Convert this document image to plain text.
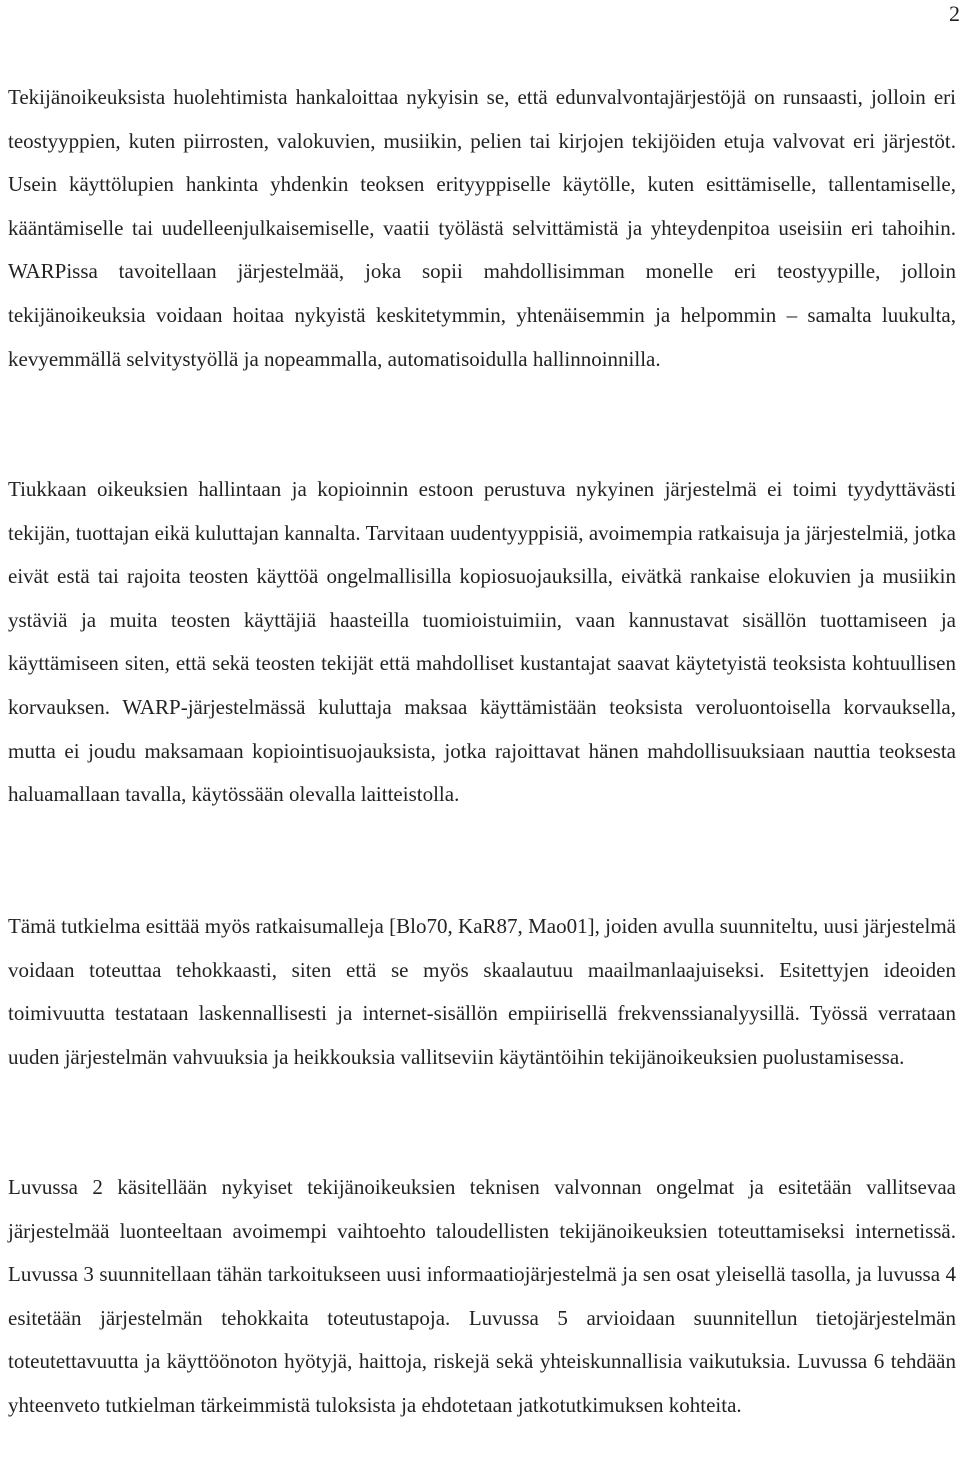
2

Tekijänoikeuksista huolehtimista hankaloittaa nykyisin se, että edunvalvontajärjestöjä on runsaasti, jolloin eri teostyyppien, kuten piirrosten, valokuvien, musiikin, pelien tai kirjojen tekijöiden etuja valvovat eri järjestöt. Usein käyttölupien hankinta yhdenkin teoksen erityyppiselle käytölle, kuten esittämiselle, tallentamiselle, kääntämiselle tai uudelleenjulkaisemiselle, vaatii työlästä selvittämistä ja yhteydenpitoa useisiin eri tahoihin. WARPissa tavoitellaan järjestelmää, joka sopii mahdollisimman monelle eri teostyypille, jolloin tekijänoikeuksia voidaan hoitaa nykyistä keskitetymmin, yhtenäisemmin ja helpommin – samalta luukulta, kevyemmällä selvitystyöllä ja nopeammalla, automatisoidulla hallinnoinnilla.

Tiukkaan oikeuksien hallintaan ja kopioinnin estoon perustuva nykyinen järjestelmä ei toimi tyydyttävästi tekijän, tuottajan eikä kuluttajan kannalta. Tarvitaan uudentyyppisiä, avoimempia ratkaisuja ja järjestelmiä, jotka eivät estä tai rajoita teosten käyttöä ongelmallisilla kopiosuojauksilla, eivätkä rankaise elokuvien ja musiikin ystäviä ja muita teosten käyttäjiä haasteilla tuomioistuimiin, vaan kannustavat sisällön tuottamiseen ja käyttämiseen siten, että sekä teosten tekijät että mahdolliset kustantajat saavat käytetyistä teoksista kohtuullisen korvauksen. WARP-järjestelmässä kuluttaja maksaa käyttämistään teoksista veroluontoisella korvauksella, mutta ei joudu maksamaan kopiointisuojauksista, jotka rajoittavat hänen mahdollisuuksiaan nauttia teoksesta haluamallaan tavalla, käytössään olevalla laitteistolla.

Tämä tutkielma esittää myös ratkaisumalleja [Blo70, KaR87, Mao01], joiden avulla suunniteltu, uusi järjestelmä voidaan toteuttaa tehokkaasti, siten että se myös skaalautuu maailmanlaajuiseksi. Esitettyjen ideoiden toimivuutta testataan laskennallisesti ja internet-sisällön empiirisellä frekvenssianalyysillä. Työssä verrataan uuden järjestelmän vahvuuksia ja heikkouksia vallitseviin käytäntöihin tekijänoikeuksien puolustamisessa.

Luvussa 2 käsitellään nykyiset tekijänoikeuksien teknisen valvonnan ongelmat ja esitetään vallitsevaa järjestelmää luonteeltaan avoimempi vaihtoehto taloudellisten tekijänoikeuksien toteuttamiseksi internetissä. Luvussa 3 suunnitellaan tähän tarkoitukseen uusi informaatiojärjestelmä ja sen osat yleisellä tasolla, ja luvussa 4 esitetään järjestelmän tehokkaita toteutustapoja. Luvussa 5 arvioidaan suunnitellun tietojärjestelmän toteutettavuutta ja käyttöönoton hyötyjä, haittoja, riskejä sekä yhteiskunnallisia vaikutuksia. Luvussa 6 tehdään yhteenveto tutkielman tärkeimmistä tuloksista ja ehdotetaan jatkotutkimuksen kohteita.
